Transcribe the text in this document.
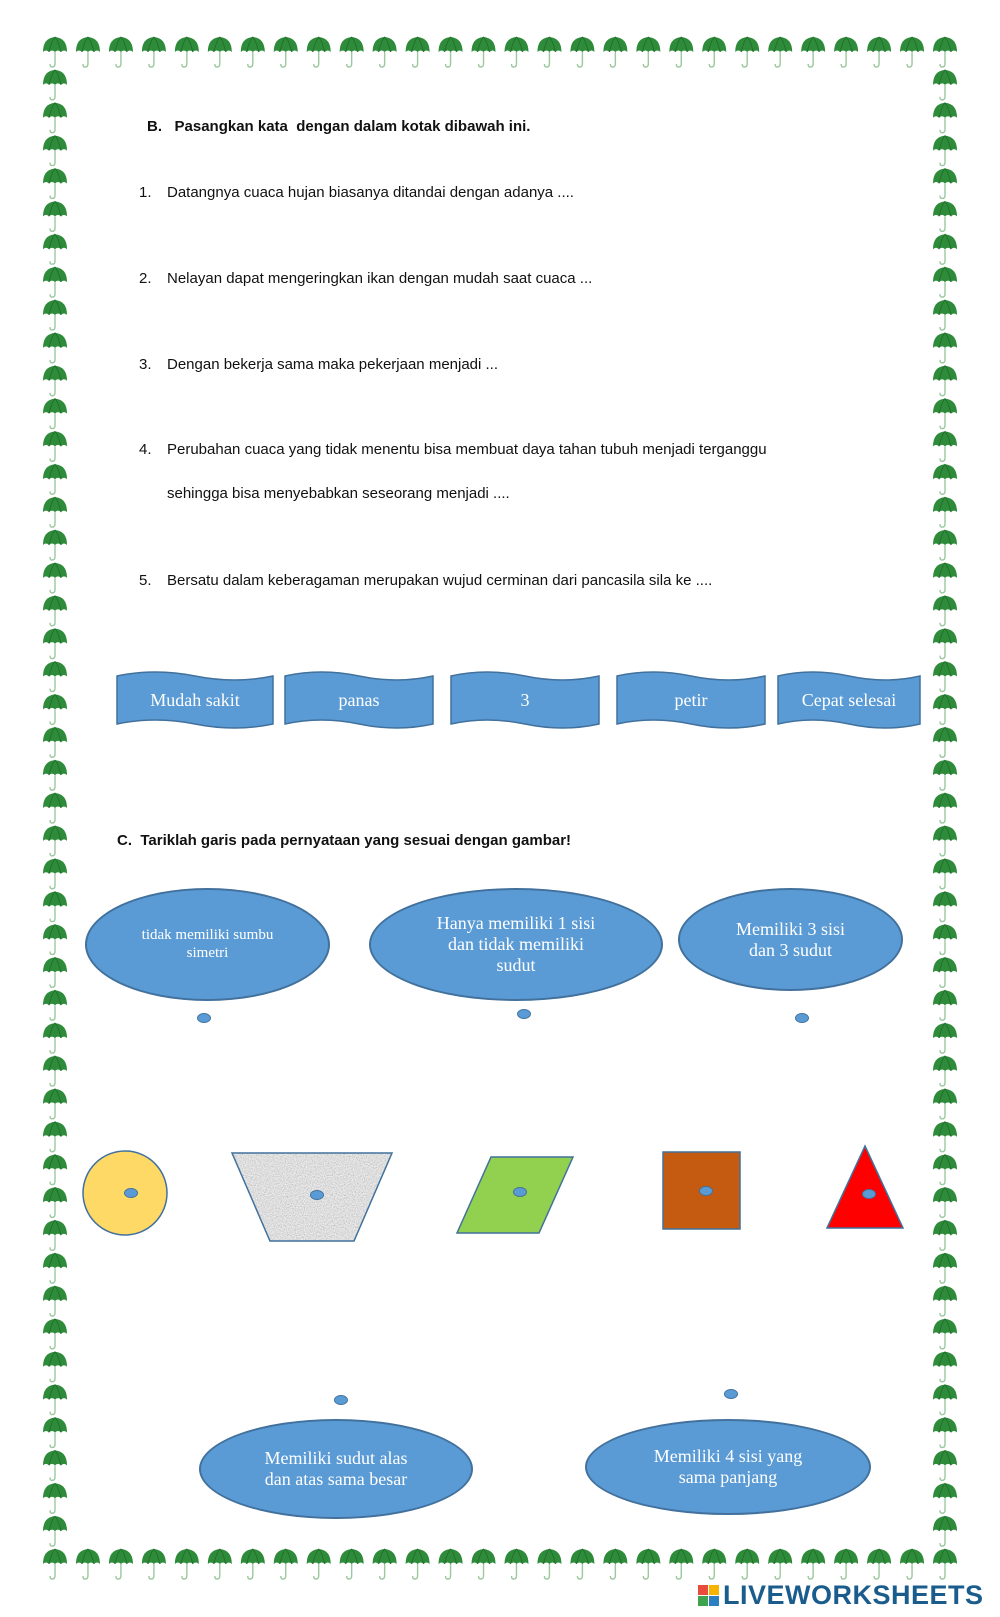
B.   Pasangkan kata  dengan dalam kotak dibawah ini.
1. Datangnya cuaca hujan biasanya ditandai dengan adanya ....
2. Nelayan dapat mengeringkan ikan dengan mudah saat cuaca ...
3. Dengan bekerja sama maka pekerjaan menjadi ...
4. Perubahan cuaca yang tidak menentu bisa membuat daya tahan tubuh menjadi terganggu
sehingga bisa menyebabkan seseorang menjadi ....
5. Bersatu dalam keberagaman merupakan wujud cerminan dari pancasila sila ke ....
Mudah sakit	panas	3	petir	Cepat selesai
C.  Tariklah garis pada pernyataan yang sesuai dengan gambar!
tidak memiliki sumbu
simetri
Hanya memiliki 1 sisi
dan tidak memiliki
sudut
Memiliki 3 sisi
dan 3 sudut
Memiliki sudut alas
dan atas sama besar
Memiliki 4 sisi yang
sama panjang
LIVEWORKSHEETS
